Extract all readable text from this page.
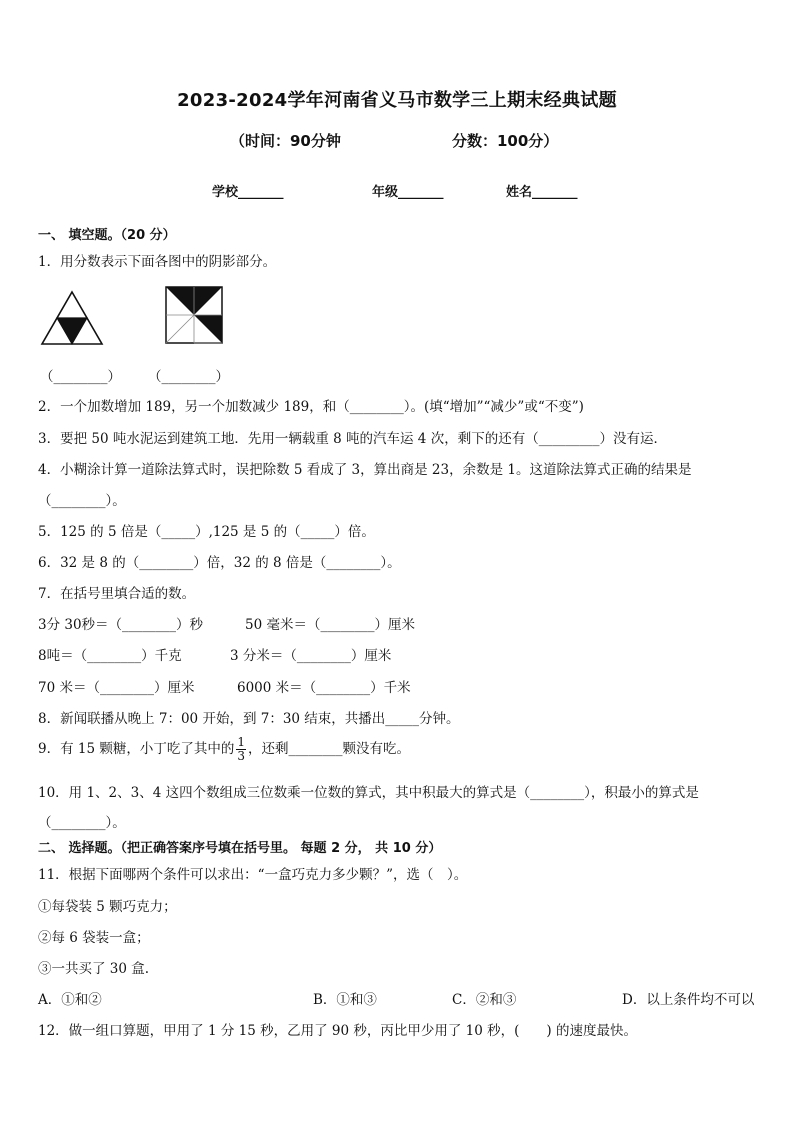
2023-2024学年河南省义马市数学三上期末经典试题
（时间：90分钟	分数：100分）
学校_______	年级_______	姓名_______
一、 填空题。（20 分）
1．用分数表示下面各图中的阴影部分。
（________） （________）
2．一个加数增加 189，另一个加数减少 189，和（________）。(填“增加”“减少”或“不变”)
3．要把 50 吨水泥运到建筑工地．先用一辆载重 8 吨的汽车运 4 次，剩下的还有（_________）没有运．
4．小糊涂计算一道除法算式时，误把除数 5 看成了 3，算出商是 23，余数是 1。这道除法算式正确的结果是
（________）。
5．125 的 5 倍是（_____）,125 是 5 的（_____）倍。
6．32 是 8 的（________）倍，32 的 8 倍是（________）。
7．在括号里填合适的数。
3分 30秒＝（________）秒	50 毫米＝（________）厘米
8吨＝（________）千克	3 分米＝（________）厘米
70 米＝（________）厘米	6000 米＝（________）千米
8．新闻联播从晚上 7：00 开始，到 7：30 结束，共播出_____分钟。
9．有 15 颗糖，小丁吃了其中的 $\frac{1}{3}$ ，还剩________颗没有吃。
10．用 1、2、3、4 这四个数组成三位数乘一位数的算式，其中积最大的算式是（________），积最小的算式是
（________）。
二、 选择题。（把正确答案序号填在括号里。 每题 2 分， 共 10 分）
11．根据下面哪两个条件可以求出：“一盒巧克力多少颗？”，选（　）。
①每袋装 5 颗巧克力；
②每 6 袋装一盒；
③一共买了 30 盒.
A．①和②	B．①和③	C．②和③	D．以上条件均不可以
12．做一组口算题，甲用了 1 分 15 秒，乙用了 90 秒，丙比甲少用了 10 秒，(　　) 的速度最快。
